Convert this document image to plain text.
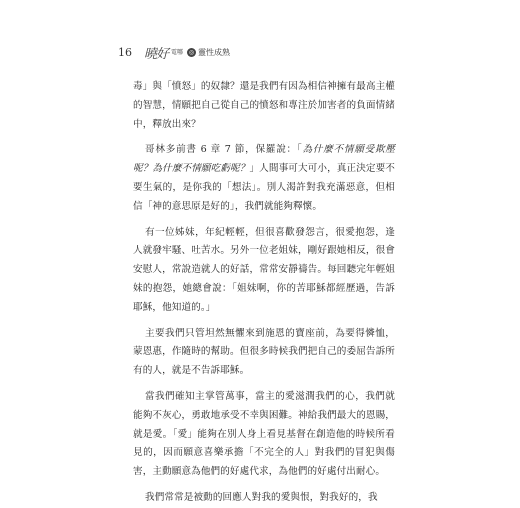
16 曉好 電哪 ◎ 靈性成熟

毒」與「憤怒」的奴隸？還是我們有因為相信神擁有最高主權的智慧，情願把自己從自己的憤怒和專注於加害者的負面情緒中，釋放出來？

哥林多前書 6 章 7 節，保羅說：「為什麼不情願受欺壓呢？為什麼不情願吃虧呢？」人間事可大可小，真正決定要不要生氣的，是你我的「想法」。別人渴許對我充滿惡意，但相信「神的意思原是好的」，我們就能夠釋懷。

有一位姊妹，年紀輕輕，但很喜歡發怨言，很愛抱怨，逢人就發牢騷、吐苦水。另外一位老姐妹，剛好跟她相反，很會安慰人，常說造就人的好話，常常安靜禱告。每回聽完年輕姐妹的抱怨，她總會說：「姐妹啊，你的苦耶穌都經歷過，告訴耶穌，他知道的。」

主要我們只管坦然無懼來到施恩的寶座前，為要得憐恤，蒙恩惠，作隨時的幫助。但很多時候我們把自己的委屈告訴所有的人，就是不告訴耶穌。

當我們確知主掌管萬事，當主的愛滋潤我們的心，我們就能夠不灰心，勇敢地承受不幸與困難。神給我們最大的恩賜，就是愛。「愛」能夠在別人身上看見基督在創造他的時候所看見的，因而願意喜樂承擔「不完全的人」對我們的冒犯與傷害，主動願意為他們的好處代求，為他們的好處付出耐心。

我們常常是被動的回應人對我的愛與恨，對我好的，我
